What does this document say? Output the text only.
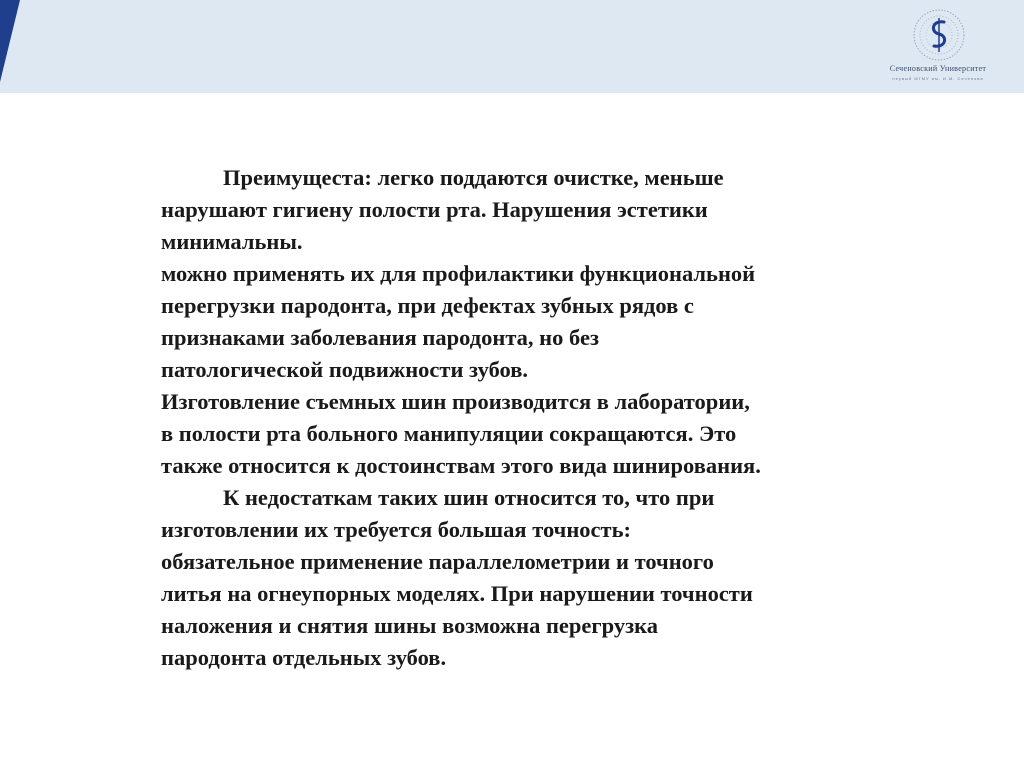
Сеченовский Университет
первый МГМУ им. И.М. Сеченова
Преимущеста: легко поддаются очистке, меньше
нарушают гигиену полости рта. Нарушения эстетики
минимальны.
можно применять их для профилактики функциональной
перегрузки пародонта, при дефектах зубных рядов с
признаками заболевания пародонта, но без
патологической подвижности зубов.
Изготовление съемных шин производится в лаборатории,
в полости рта больного манипуляции сокращаются. Это
также относится к достоинствам этого вида шинирования.
К недостаткам таких шин относится то, что при
изготовлении их требуется большая точность:
обязательное применение параллелометрии и точного
литья на огнеупорных моделях. При нарушении точности
наложения и снятия шины возможна перегрузка
пародонта отдельных зубов.
